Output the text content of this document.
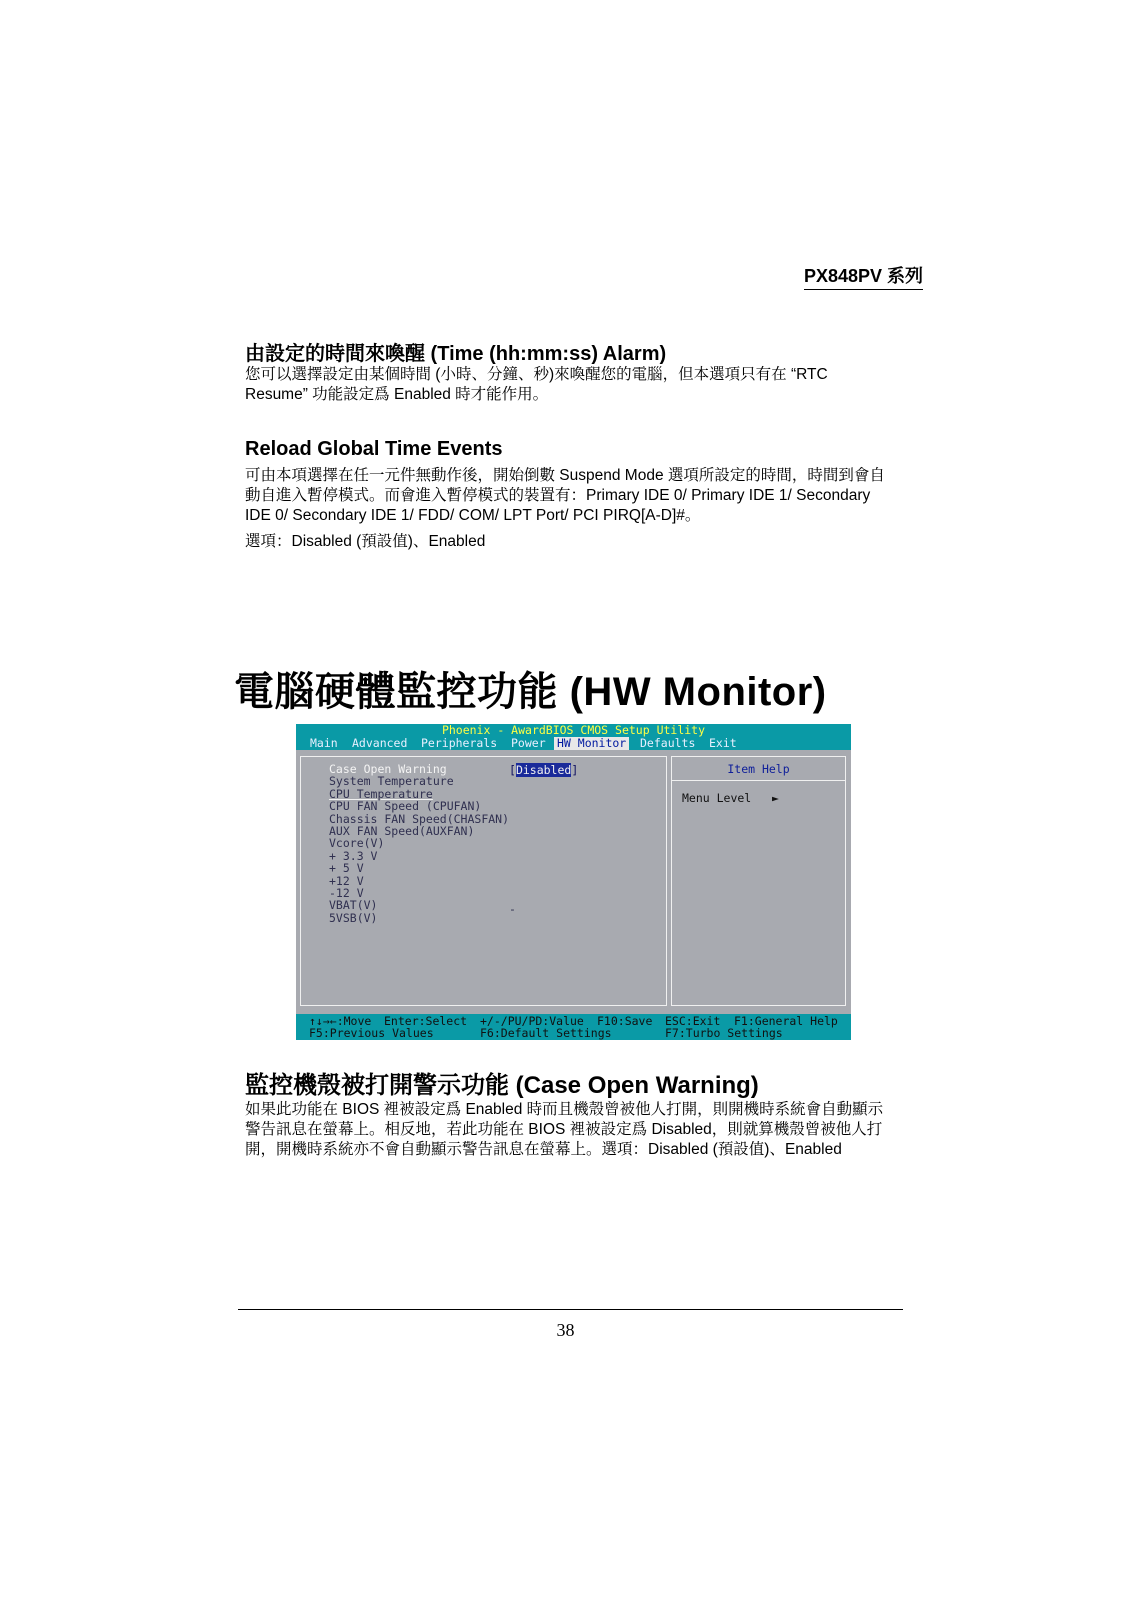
PX848PV 系列
由設定的時間來喚醒 (Time (hh:mm:ss) Alarm)
您可以選擇設定由某個時間 (小時、分鐘、秒)來喚醒您的電腦，但本選項只有在 “RTC
Resume” 功能設定爲 Enabled 時才能作用。
Reload Global Time Events
可由本項選擇在任一元件無動作後，開始倒數 Suspend Mode 選項所設定的時間，時間到會自
動自進入暫停模式。而會進入暫停模式的裝置有：Primary IDE 0/ Primary IDE 1/ Secondary
IDE 0/ Secondary IDE 1/ FDD/ COM/ LPT Port/ PCI PIRQ[A-D]#。
選項：Disabled (預設值)、Enabled
電腦硬體監控功能 (HW Monitor)
Phoenix - AwardBIOS CMOS Setup Utility

Main

Advanced

Peripherals

Power

HW Monitor

Defaults

Exit

Item Help
Menu Level ►
Case Open Warning
System Temperature
CPU Temperature
CPU FAN Speed (CPUFAN)
Chassis FAN Speed(CHASFAN)
AUX FAN Speed(AUXFAN)
Vcore(V)
+ 3.3 V
+ 5 V
+12 V
-12 V
VBAT(V)
5VSB(V)
[Disabled]
-

↑↓→←:Move

Enter:Select

+/-/PU/PD:Value

F10:Save

ESC:Exit

F1:General Help

F5:Previous Values

	F6:Default Settings

	F7:Turbo Settings

監控機殼被打開警示功能 (Case Open Warning)
如果此功能在 BIOS 裡被設定爲 Enabled 時而且機殼曾被他人打開，則開機時系統會自動顯示
警告訊息在螢幕上。相反地，若此功能在 BIOS 裡被設定爲 Disabled，則就算機殼曾被他人打
開，開機時系統亦不會自動顯示警告訊息在螢幕上。選項：Disabled (預設值)、Enabled
38
